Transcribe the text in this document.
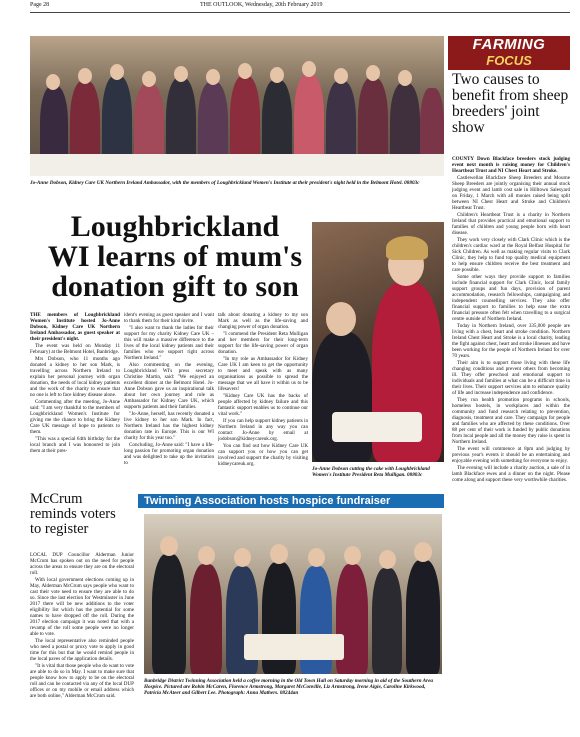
Page 28	THE OUTLOOK, Wednesday, 20th February 2019
Jo-Anne Dobson, Kidney Care UK Northern Ireland Ambassador, with the members of Loughbrickland Women's Institute at their president's night held in the Belmont Hotel. 08803c
Loughbrickland
WI learns of mum's
donation gift to son

THE members of Loughbrickland Women's Institute hosted Jo-Anne Dobson, Kidney Care UK Northern Ireland Ambassador, as guest speaker at their president's night.

The event was held on Monday 11 February) at the Belmont Hotel, Banbridge.

Mrs Dobson, who 11 months ago donated a kidney to her son Mark, is travelling across Northern Ireland to explain her personal journey with organ donation, the needs of local kidney patients and the work of the charity to ensure that no one is left to face kidney disease alone.

Commenting after the meeting, Jo-Anne said: "I am very thankful to the members of Loughbrickland Women's Institute for giving me the chance to bring the Kidney Care UK message of hope to patients to them.

"This was a special 64th birthday for the local branch and I was honoured to join them at their pres-

ident's evening as guest speaker and I want to thank them for their kind invite.

"I also want to thank the ladies for their support for my charity Kidney Care UK – this will make a massive difference to the lives of the local kidney patients and their families who we support right across Northern Ireland."

Also commenting on the evening, Loughbrickland WI's press secretary Christine Martin, said: "We enjoyed an excellent dinner at the Belmont Hotel. Jo-Anne Dobson gave us an inspirational talk about her own journey and role as Ambassador for Kidney Care UK, which supports patients and their families.

"Jo-Anne, herself, has recently donated a live kidney to her son Mark. In fact, Northern Ireland has the highest kidney donation rate in Europe. This is our WI charity for this year too."

Concluding, Jo-Anne said: "I have a life-long passion for promoting organ donation and was delighted to take up the invitation to

talk about donating a kidney to my son Mark as well as the life-saving and changing power of organ donation.

"I commend the President Reta Mulligan and her members for their long-term support for the life-saving power of organ donation.

"In my role as Ambassador for Kidney Care UK I am keen to get the opportunity to meet and speak with as many organisations as possible to spread the message that we all have it within us to be lifesavers!

"Kidney Care UK has the backs of people affected by kidney failure and this fantastic support enables us to continue our vital work."

If you can help support kidney patients in Northern Ireland in any way you can contact Jo-Anne by email at jodobson@kidneycareuk.org.

You can find out how Kidney Care UK can support you or how you can get involved and support the charity by visiting kidneycareuk.org.

Jo-Anne Dobson cutting the cake with Loughbrickland Women's Institute President Reta Mulligan. 08803c
McCrum reminds voters to register

LOCAL DUP Councillor Alderman Junior McCrum has spoken out on the need for people across the areas to ensure they are on the electoral roll.

With local government elections coming up in May, Alderman McCrum says people who want to cast their vote need to ensure they are able to do so. Since the last election for Westminster in June 2017 there will be new additions to the voter eligibility list which has the potential for some names to have dropped off the roll. During the 2017 election campaign it was noted that with a revamp of the roll some people were no longer able to vote.

The local representative also reminded people who need a postal or proxy vote to apply in good time for this but that he would remind people in the local paves of the application details.

"It is vital that those people who do want to vote are able to do so in May. I want to make sure that people know how to apply to be on the electoral roll and can be contacted via any of the local DUP offices or on my mobile or email address which are both online," Alderman McCrum said.

Twinning Association hosts hospice fundraiser
Banbridge District Twinning Association held a coffee morning in the Old Town Hall on Saturday morning in aid of the Southern Area Hospice. Pictured are Robin McCaren, Florence Armstrong, Margaret McConville, Liz Armstrong, Irene Algie, Caroline Kirkwood, Patricia McAteer and Gilbert Lee. Photograph: Anna Mathers. 08244an
FARMING
FOCUS
Two causes to benefit from sheep breeders' joint show

COUNTY Down Blackface breeders stock judging event next month is raising money for Children's Heartbeat Trust and NI Chest Heart and Stroke.

Castlewellan Blackface Sheep Breeders and Mourne Sheep Breeders are jointly organising their annual stock judging event and lamb cost sale in Hilltown Salesyard on Friday, 1 March with all monies raised being split between NI Chest Heart and Stroke and Children's Heartbeat Trust.

Children's Heartbeat Trust is a charity in Northern Ireland that provides practical and emotional support to families of children and young people born with heart disease.

They work very closely with Clark Clinic which is the children's cardiac ward at the Royal Belfast Hospital for Sick Children. As well as making regular visits to Clark Clinic, they help to fund top quality medical equipment to help ensure children receive the best treatment and care possible.

Some other ways they provide support to families include financial support for Clark Clinic, local family support groups and fun days, provision of parent accommodation, research fellowships, campaigning and independent counselling services. They also offer financial support to families to help ease the extra financial pressure often felt when travelling to a surgical centre outside of Northern Ireland.

Today in Northern Ireland, over 335,000 people are living with a chest, heart and stroke condition. Northern Ireland Chest Heart and Stroke is a local charity, leading the fight against chest, heart and stroke illnesses and have been working for the people of Northern Ireland for over 70 years.

Their aim is to support those living with these life changing conditions and prevent others from becoming ill. They offer preschool and emotional support to individuals and families at what can be a difficult time in their lives. Their support services aim to enhance quality of life and increase independence and confidence.

They run health promotion programs in schools, homeless hostels, in workplaces and within the community and fund research relating to prevention, diagnosis, treatment and care. They campaign for people and families who are affected by these conditions. Over 88 per cent of their work is funded by public donations from local people and all the money they raise is spent in Northern Ireland.

The event will commence at 8pm and judging by previous year's events it should be an entertaining and enjoyable evening with something for everyone to enjoy.

The evening will include a charity auction, a sale of in lamb Blackface ewes and a dinner on the night. Please come along and support these very worthwhile charities.
